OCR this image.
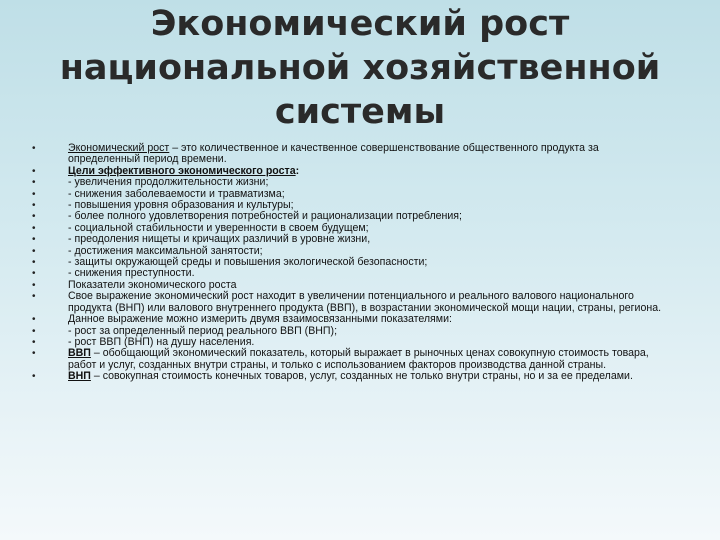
Экономический рост
национальной хозяйственной
системы

•	Экономический рост – это количественное и качественное совершенствование общественного продукта за определенный период времени.

•	Цели эффективного экономического роста:

•	- увеличения продолжительности жизни;

•	- снижения заболеваемости и травматизма;

•	- повышения уровня образования и культуры;

•	- более полного удовлетворения потребностей и рационализации потребления;

•	- социальной стабильности и уверенности в своем будущем;

•	- преодоления нищеты и кричащих различий в уровне жизни,

•	- достижения максимальной занятости;

•	- защиты окружающей среды и повышения экологической безопасности;

•	- снижения преступности.

•	Показатели экономического роста

•	Свое выражение экономический рост находит в увеличении потенциального и реального валового национального продукта (ВНП) или валового внутреннего продукта (ВВП), в возрастании экономической мощи нации, страны, региона.

•	Данное выражение можно измерить двумя взаимосвязанными показателями:

•	- рост за определенный период реального ВВП (ВНП);

•	- рост ВВП (ВНП) на душу населения.

•	ВВП – обобщающий экономический показатель, который выражает в рыночных ценах совокупную стоимость товара, работ и услуг, созданных внутри страны, и только с использованием факторов производства данной страны.

•	ВНП – совокупная стоимость конечных товаров, услуг, созданных не только внутри страны, но и за ее пределами.
